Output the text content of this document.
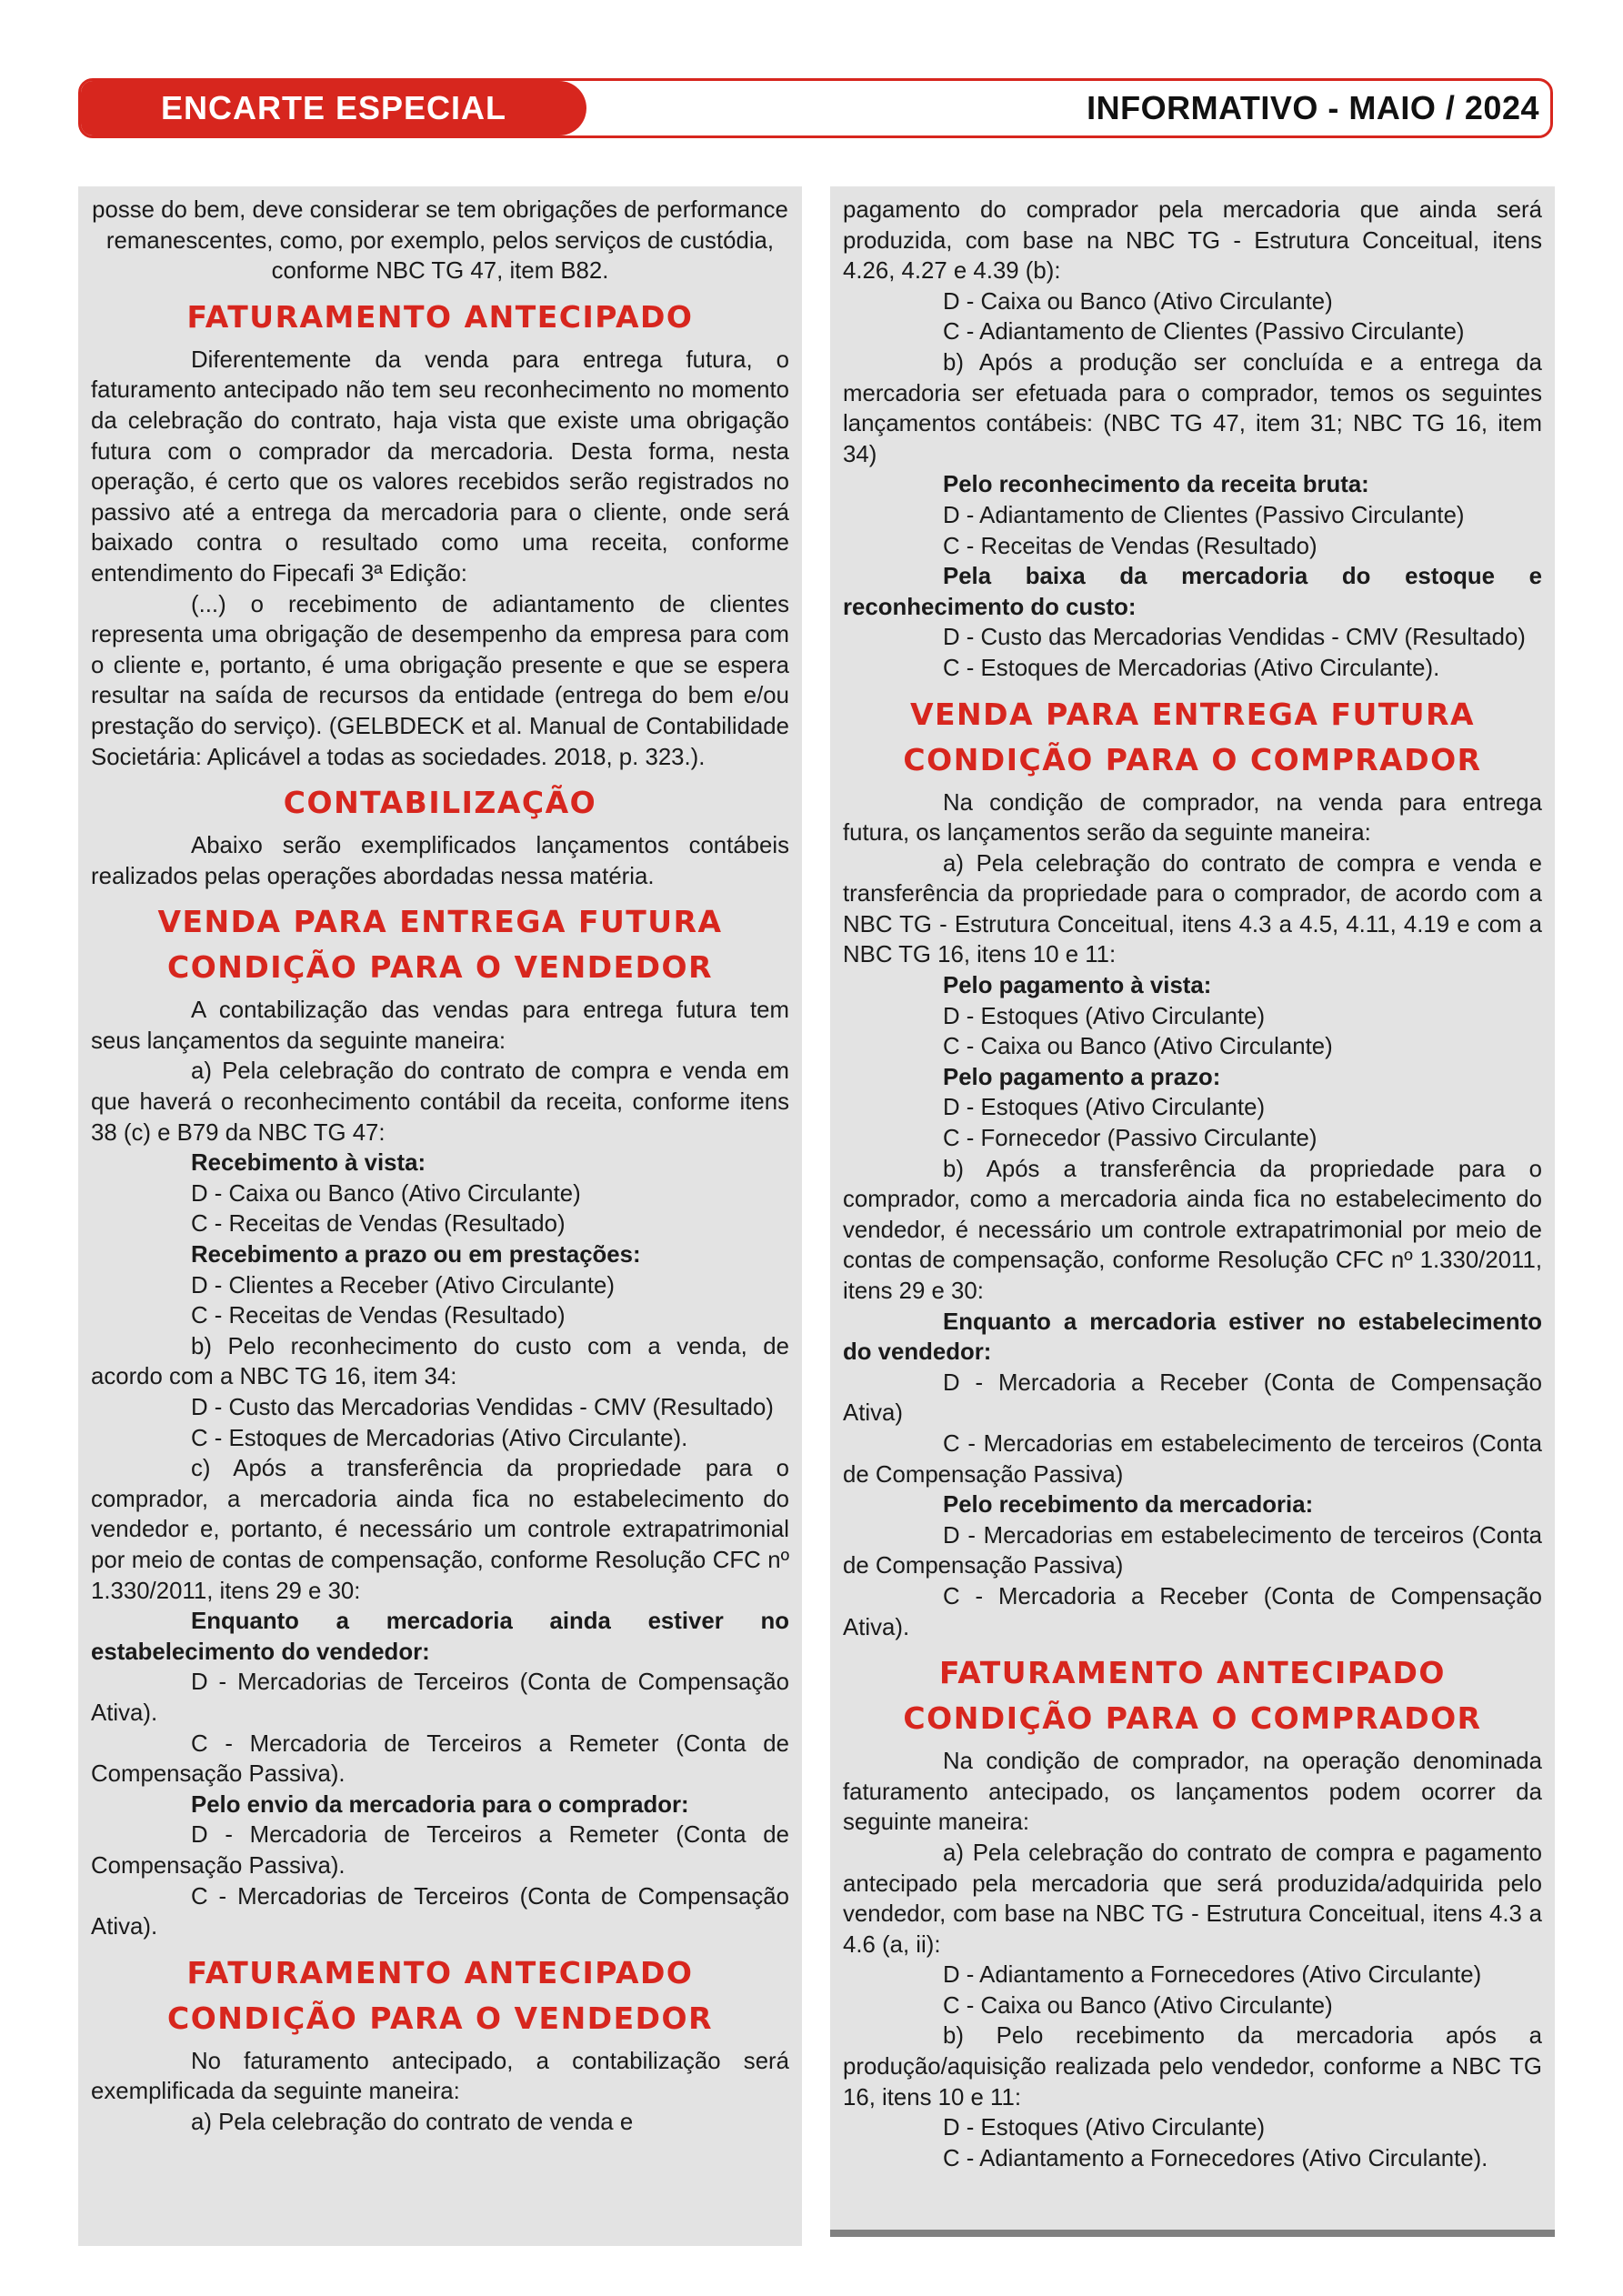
ENCARTE ESPECIAL	INFORMATIVO - MAIO / 2024

posse do bem, deve considerar se tem obrigações de performance remanescentes, como, por exemplo, pelos serviços de custódia, conforme NBC TG 47, item B82.

FATURAMENTO ANTECIPADO

Diferentemente da venda para entrega futura, o faturamento antecipado não tem seu reconhecimento no momento da celebração do contrato, haja vista que existe uma obrigação futura com o comprador da mercadoria. Desta forma, nesta operação, é certo que os valores recebidos serão registrados no passivo até a entrega da mercadoria para o cliente, onde será baixado contra o resultado como uma receita, conforme entendimento do Fipecafi 3ª Edição:

(...) o recebimento de adiantamento de clientes representa uma obrigação de desempenho da empresa para com o cliente e, portanto, é uma obrigação presente e que se espera resultar na saída de recursos da entidade (entrega do bem e/ou prestação do serviço). (GELBDECK et al. Manual de Contabilidade Societária: Aplicável a todas as sociedades. 2018, p. 323.).

CONTABILIZAÇÃO

Abaixo serão exemplificados lançamentos contábeis realizados pelas operações abordadas nessa matéria.

VENDA PARA ENTREGA FUTURA
CONDIÇÃO PARA O VENDEDOR

A contabilização das vendas para entrega futura tem seus lançamentos da seguinte maneira:

a) Pela celebração do contrato de compra e venda em que haverá o reconhecimento contábil da receita, conforme itens 38 (c) e B79 da NBC TG 47:

Recebimento à vista:

D - Caixa ou Banco (Ativo Circulante)

C - Receitas de Vendas (Resultado)

Recebimento a prazo ou em prestações:

D - Clientes a Receber (Ativo Circulante)

C - Receitas de Vendas (Resultado)

b) Pelo reconhecimento do custo com a venda, de acordo com a NBC TG 16, item 34:

D - Custo das Mercadorias Vendidas - CMV (Resultado)

C - Estoques de Mercadorias (Ativo Circulante).

c) Após a transferência da propriedade para o comprador, a mercadoria ainda fica no estabelecimento do vendedor e, portanto, é necessário um controle extrapatrimonial por meio de contas de compensação, conforme Resolução CFC nº 1.330/2011, itens 29 e 30:

Enquanto a mercadoria ainda estiver no estabelecimento do vendedor:

D - Mercadorias de Terceiros (Conta de Compensação Ativa).

C - Mercadoria de Terceiros a Remeter (Conta de Compensação Passiva).

Pelo envio da mercadoria para o comprador:

D - Mercadoria de Terceiros a Remeter (Conta de Compensação Passiva).

C - Mercadorias de Terceiros (Conta de Compensação Ativa).

FATURAMENTO ANTECIPADO
CONDIÇÃO PARA O VENDEDOR

No faturamento antecipado, a contabilização será exemplificada da seguinte maneira:

a) Pela celebração do contrato de venda e

pagamento do comprador pela mercadoria que ainda será produzida, com base na NBC TG - Estrutura Conceitual, itens 4.26, 4.27 e 4.39 (b):

D - Caixa ou Banco (Ativo Circulante)

C - Adiantamento de Clientes (Passivo Circulante)

b) Após a produção ser concluída e a entrega da mercadoria ser efetuada para o comprador, temos os seguintes lançamentos contábeis: (NBC TG 47, item 31; NBC TG 16, item 34)

Pelo reconhecimento da receita bruta:

D - Adiantamento de Clientes (Passivo Circulante)

C - Receitas de Vendas (Resultado)

Pela baixa da mercadoria do estoque e reconhecimento do custo:

D - Custo das Mercadorias Vendidas - CMV (Resultado)

C - Estoques de Mercadorias (Ativo Circulante).

VENDA PARA ENTREGA FUTURA
CONDIÇÃO PARA O COMPRADOR

Na condição de comprador, na venda para entrega futura, os lançamentos serão da seguinte maneira:

a) Pela celebração do contrato de compra e venda e transferência da propriedade para o comprador, de acordo com a NBC TG - Estrutura Conceitual, itens 4.3 a 4.5, 4.11, 4.19 e com a NBC TG 16, itens 10 e 11:

Pelo pagamento à vista:

D - Estoques (Ativo Circulante)

C - Caixa ou Banco (Ativo Circulante)

Pelo pagamento a prazo:

D - Estoques (Ativo Circulante)

C - Fornecedor (Passivo Circulante)

b) Após a transferência da propriedade para o comprador, como a mercadoria ainda fica no estabelecimento do vendedor, é necessário um controle extrapatrimonial por meio de contas de compensação, conforme Resolução CFC nº 1.330/2011, itens 29 e 30:

Enquanto a mercadoria estiver no estabelecimento do vendedor:

D - Mercadoria a Receber (Conta de Compensação Ativa)

C - Mercadorias em estabelecimento de terceiros (Conta de Compensação Passiva)

Pelo recebimento da mercadoria:

D - Mercadorias em estabelecimento de terceiros (Conta de Compensação Passiva)

C - Mercadoria a Receber (Conta de Compensação Ativa).

FATURAMENTO ANTECIPADO
CONDIÇÃO PARA O COMPRADOR

Na condição de comprador, na operação denominada faturamento antecipado, os lançamentos podem ocorrer da seguinte maneira:

a) Pela celebração do contrato de compra e pagamento antecipado pela mercadoria que será produzida/adquirida pelo vendedor, com base na NBC TG - Estrutura Conceitual, itens 4.3 a 4.6 (a, ii):

D - Adiantamento a Fornecedores (Ativo Circulante)

C - Caixa ou Banco (Ativo Circulante)

b) Pelo recebimento da mercadoria após a produção/aquisição realizada pelo vendedor, conforme a NBC TG 16, itens 10 e 11:

D - Estoques (Ativo Circulante)

C - Adiantamento a Fornecedores (Ativo Circulante).
